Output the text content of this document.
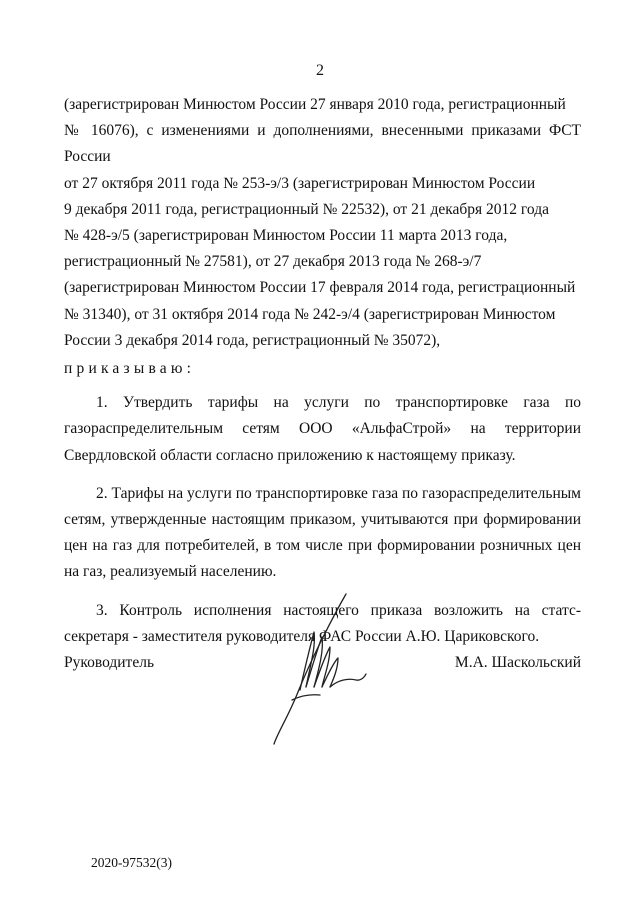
2

(зарегистрирован Минюстом России 27 января 2010 года, регистрационный

№ 16076), с изменениями и дополнениями, внесенными приказами ФСТ России

от 27 октября 2011 года № 253-э/3 (зарегистрирован Минюстом России

9 декабря 2011 года, регистрационный № 22532), от 21 декабря 2012 года

№ 428-э/5 (зарегистрирован Минюстом России 11 марта 2013 года,

регистрационный № 27581), от 27 декабря 2013 года № 268-э/7

(зарегистрирован Минюстом России 17 февраля 2014 года, регистрационный

№ 31340), от 31 октября 2014 года № 242-э/4 (зарегистрирован Минюстом

России 3 декабря 2014 года, регистрационный № 35072),

приказываю:

1. Утвердить тарифы на услуги по транспортировке газа по газораспределительным сетям ООО «АльфаСтрой» на территории Свердловской области согласно приложению к настоящему приказу.

2. Тарифы на услуги по транспортировке газа по газораспределительным сетям, утвержденные настоящим приказом, учитываются при формировании цен на газ для потребителей, в том числе при формировании розничных цен на газ, реализуемый населению.

3. Контроль исполнения настоящего приказа возложить на статс-секретаря - заместителя руководителя ФАС России А.Ю. Цариковского.

Руководитель	М.А. Шаскольский
2020-97532(3)
